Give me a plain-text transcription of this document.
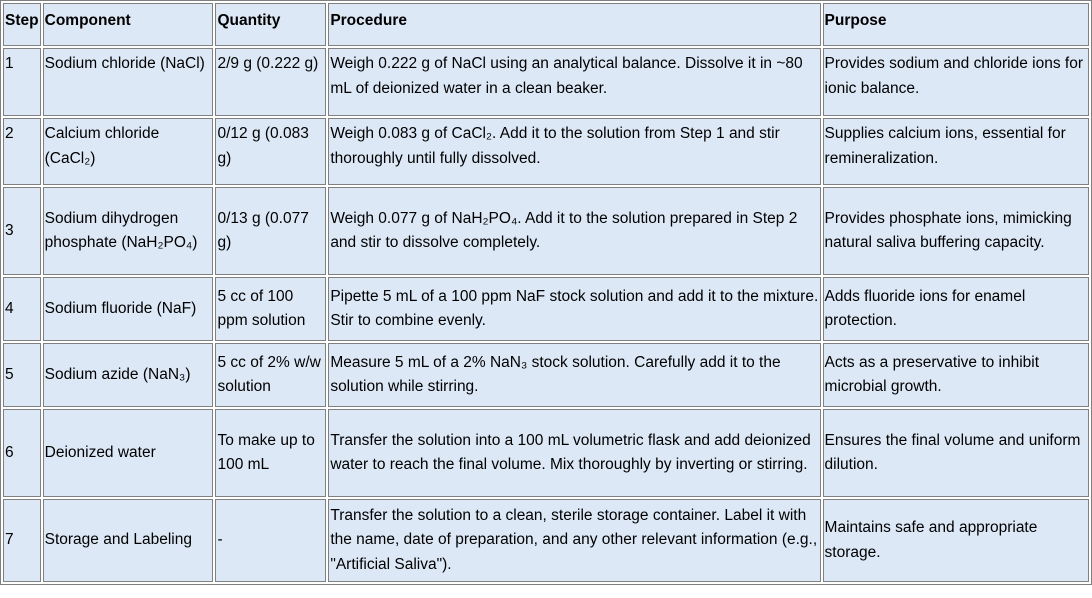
Step	Component	Quantity	Procedure	Purpose
1	Sodium chloride (NaCl)	2/9 g (0.222 g)	Weigh 0.222 g of NaCl using an analytical balance. Dissolve it in ~80 mL of deionized water in a clean beaker.	Provides sodium and chloride ions for ionic balance.
2	Calcium chloride (CaCl₂)	0/12 g (0.083 g)	Weigh 0.083 g of CaCl₂. Add it to the solution from Step 1 and stir thoroughly until fully dissolved.	Supplies calcium ions, essential for remineralization.
3	Sodium dihydrogen phosphate (NaH₂PO₄)	0/13 g (0.077 g)	Weigh 0.077 g of NaH₂PO₄. Add it to the solution prepared in Step 2 and stir to dissolve completely.	Provides phosphate ions, mimicking natural saliva buffering capacity.
4	Sodium fluoride (NaF)	5 cc of 100 ppm solution	Pipette 5 mL of a 100 ppm NaF stock solution and add it to the mixture. Stir to combine evenly.	Adds fluoride ions for enamel protection.
5	Sodium azide (NaN₃)	5 cc of 2% w/w solution	Measure 5 mL of a 2% NaN₃ stock solution. Carefully add it to the solution while stirring.	Acts as a preservative to inhibit microbial growth.
6	Deionized water	To make up to 100 mL	Transfer the solution into a 100 mL volumetric flask and add deionized water to reach the final volume. Mix thoroughly by inverting or stirring.	Ensures the final volume and uniform dilution.
7	Storage and Labeling	-	Transfer the solution to a clean, sterile storage container. Label it with the name, date of preparation, and any other relevant information (e.g., "Artificial Saliva").	Maintains safe and appropriate storage.
